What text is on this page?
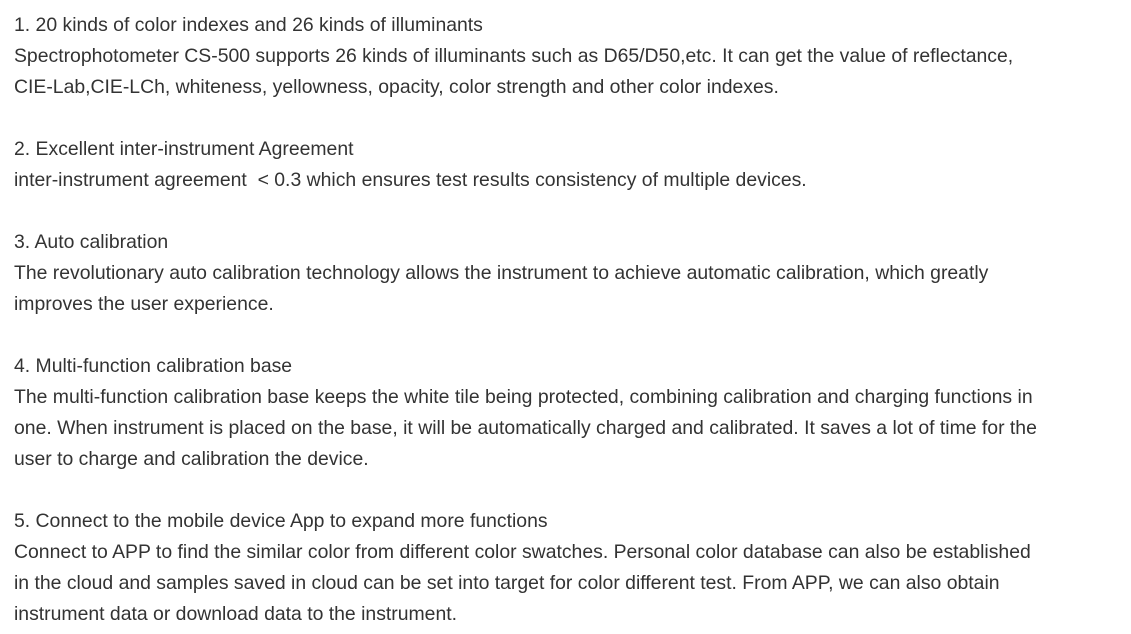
1. 20 kinds of color indexes and 26 kinds of illuminants
Spectrophotometer CS-500 supports 26 kinds of illuminants such as D65/D50,etc. It can get the value of reflectance,
CIE-Lab,CIE-LCh, whiteness, yellowness, opacity, color strength and other color indexes.
2. Excellent inter-instrument Agreement
inter-instrument agreement  < 0.3 which ensures test results consistency of multiple devices.
3. Auto calibration
The revolutionary auto calibration technology allows the instrument to achieve automatic calibration, which greatly
improves the user experience.
4. Multi-function calibration base
The multi-function calibration base keeps the white tile being protected, combining calibration and charging functions in
one. When instrument is placed on the base, it will be automatically charged and calibrated. It saves a lot of time for the
user to charge and calibration the device.
5. Connect to the mobile device App to expand more functions
Connect to APP to find the similar color from different color swatches. Personal color database can also be established
in the cloud and samples saved in cloud can be set into target for color different test. From APP, we can also obtain
instrument data or download data to the instrument.
